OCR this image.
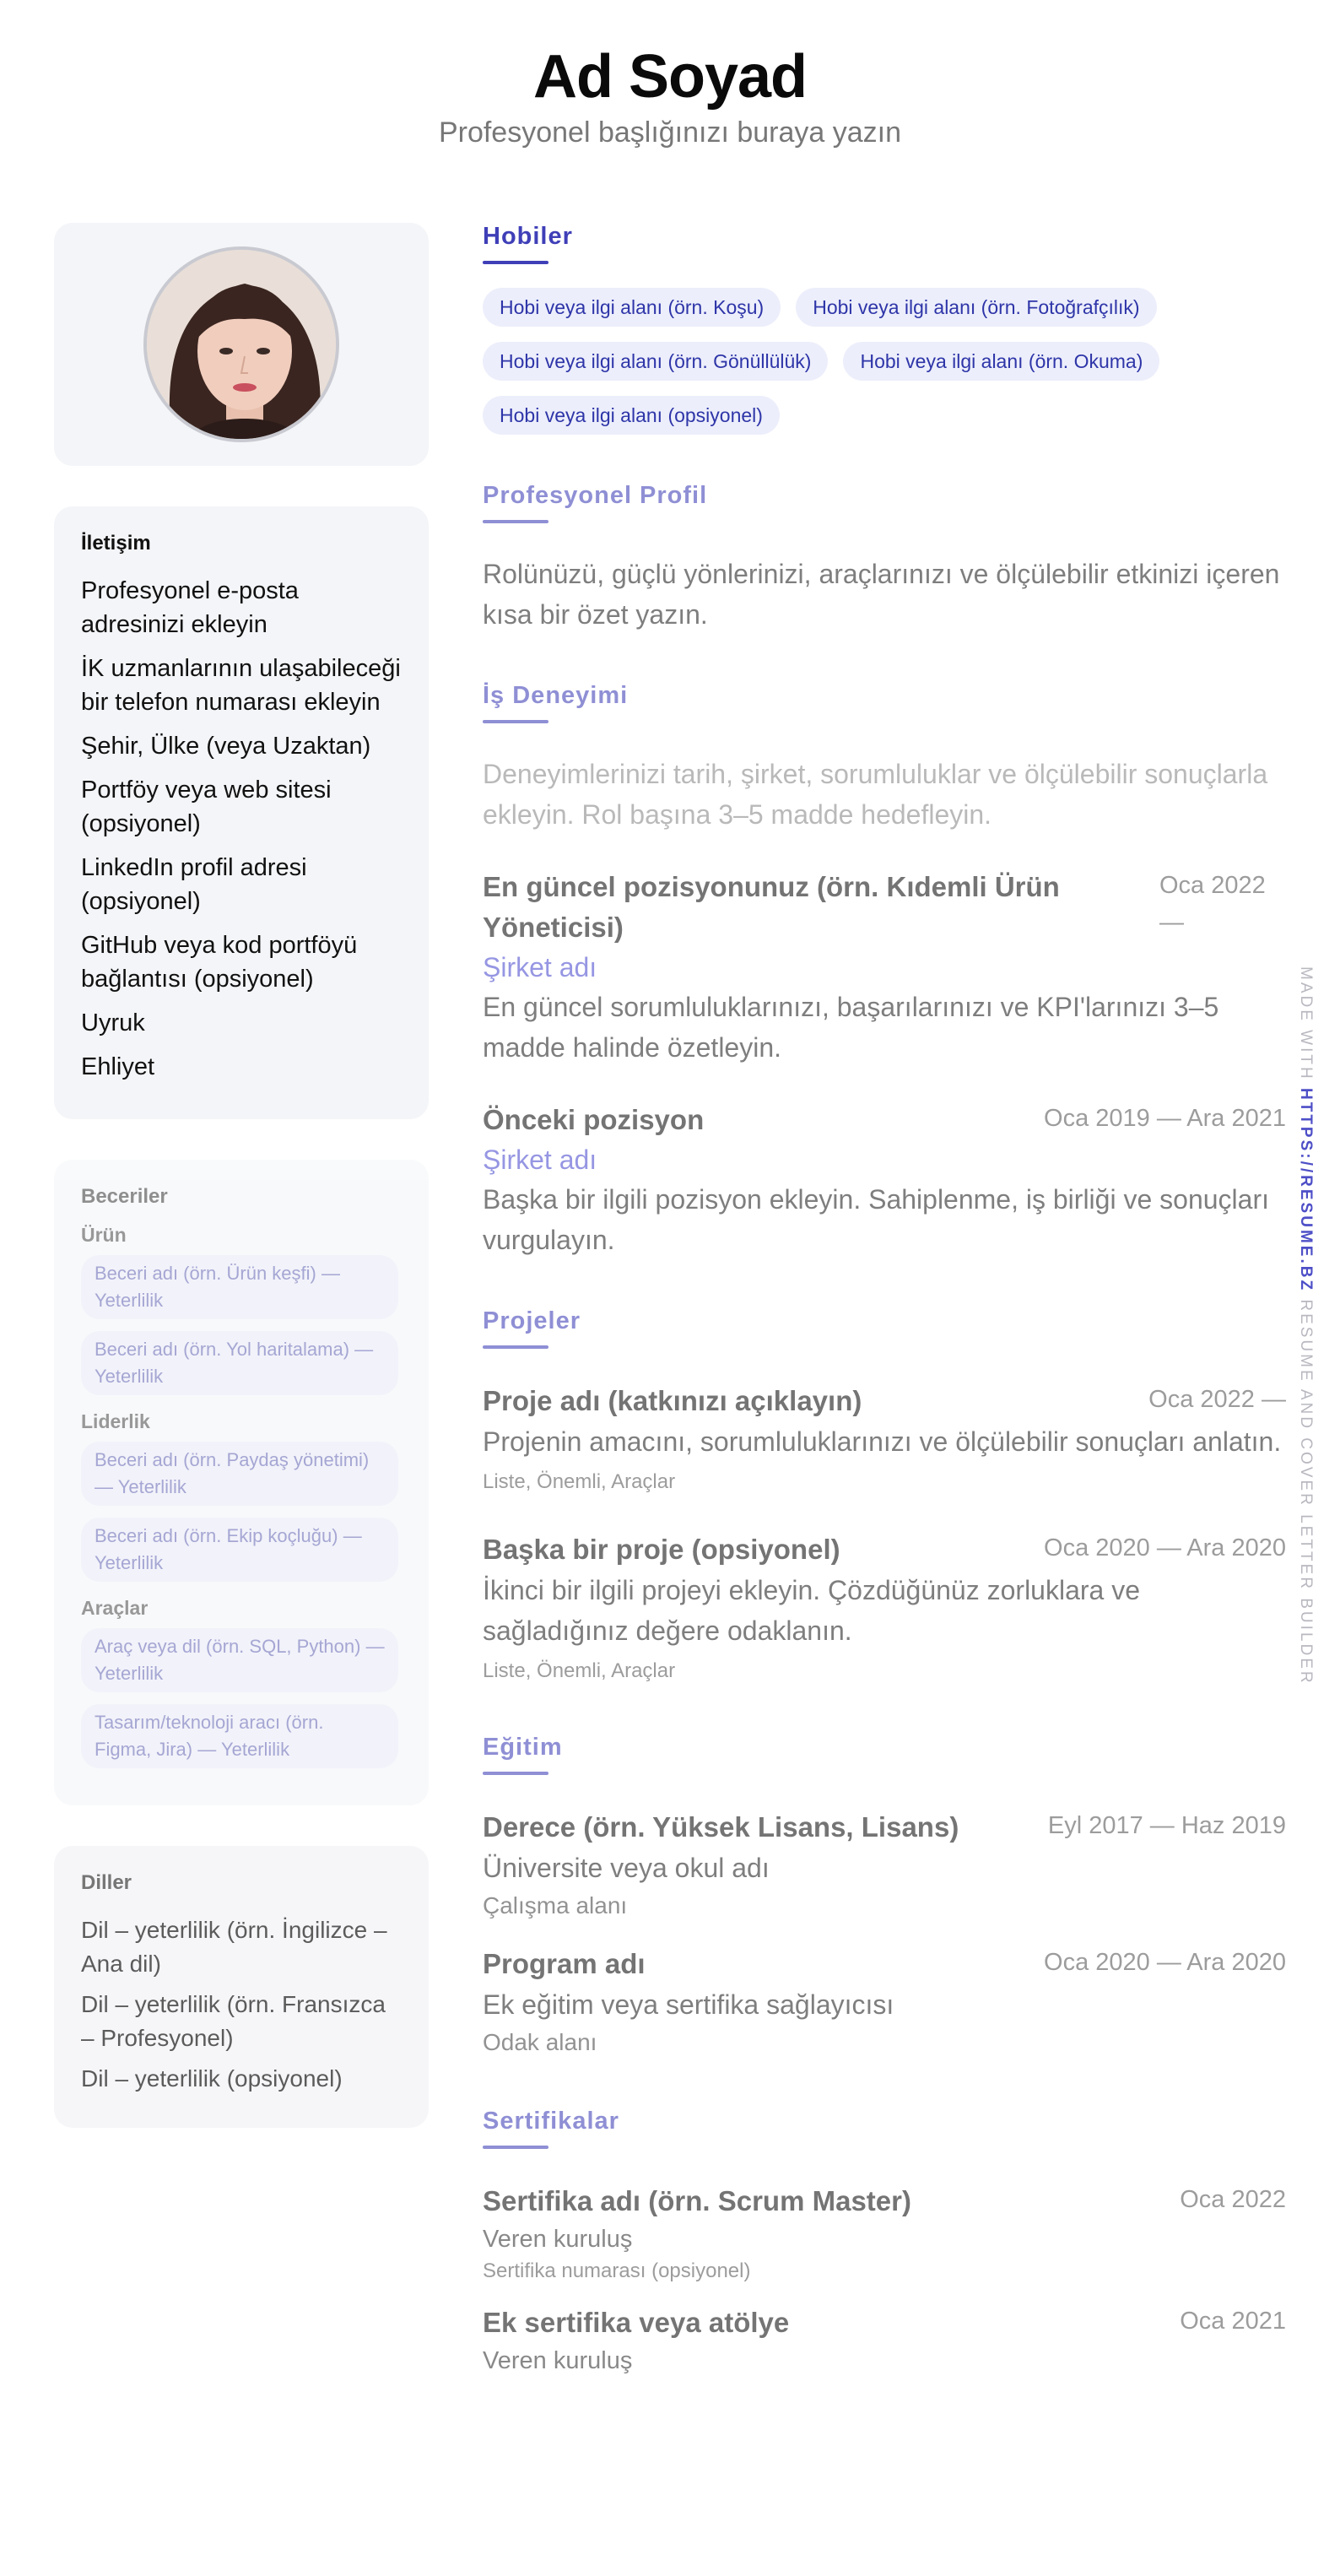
Ad Soyad
Profesyonel başlığınızı buraya yazın
İletişim
Profesyonel e-posta adresinizi ekleyin
İK uzmanlarının ulaşabileceği bir telefon numarası ekleyin
Şehir, Ülke (veya Uzaktan)
Portföy veya web sitesi (opsiyonel)
LinkedIn profil adresi (opsiyonel)
GitHub veya kod portföyü bağlantısı (opsiyonel)
Uyruk
Ehliyet
Beceriler
Ürün
Beceri adı (örn. Ürün keşfi) — Yeterlilik
Beceri adı (örn. Yol haritalama) — Yeterlilik
Liderlik
Beceri adı (örn. Paydaş yönetimi) — Yeterlilik
Beceri adı (örn. Ekip koçluğu) — Yeterlilik
Araçlar
Araç veya dil (örn. SQL, Python) — Yeterlilik
Tasarım/teknoloji aracı (örn. Figma, Jira) — Yeterlilik
Diller
Dil – yeterlilik (örn. İngilizce – Ana dil)
Dil – yeterlilik (örn. Fransızca – Profesyonel)
Dil – yeterlilik (opsiyonel)
Hobiler
Hobi veya ilgi alanı (örn. Koşu)	Hobi veya ilgi alanı (örn. Fotoğrafçılık)
Hobi veya ilgi alanı (örn. Gönüllülük)	Hobi veya ilgi alanı (örn. Okuma)
Hobi veya ilgi alanı (opsiyonel)
Profesyonel Profil
Rolünüzü, güçlü yönlerinizi, araçlarınızı ve ölçülebilir etkinizi içeren kısa bir özet yazın.
İş Deneyimi
Deneyimlerinizi tarih, şirket, sorumluluklar ve ölçülebilir sonuçlarla ekleyin. Rol başına 3–5 madde hedefleyin.
En güncel pozisyonunuz (örn. Kıdemli Ürün Yöneticisi)
Oca 2022 —
Şirket adı
En güncel sorumluluklarınızı, başarılarınızı ve KPI'larınızı 3–5 madde halinde özetleyin.
Önceki pozisyon	Oca 2019 — Ara 2021
Şirket adı
Başka bir ilgili pozisyon ekleyin. Sahiplenme, iş birliği ve sonuçları vurgulayın.
Projeler
Proje adı (katkınızı açıklayın)	Oca 2022 —
Projenin amacını, sorumluluklarınızı ve ölçülebilir sonuçları anlatın.
Liste, Önemli, Araçlar
Başka bir proje (opsiyonel)	Oca 2020 — Ara 2020
İkinci bir ilgili projeyi ekleyin. Çözdüğünüz zorluklara ve sağladığınız değere odaklanın.
Liste, Önemli, Araçlar
Eğitim
Derece (örn. Yüksek Lisans, Lisans)	Eyl 2017 — Haz 2019
Üniversite veya okul adı
Çalışma alanı
Program adı	Oca 2020 — Ara 2020
Ek eğitim veya sertifika sağlayıcısı
Odak alanı
Sertifikalar
Sertifika adı (örn. Scrum Master)	Oca 2022
Veren kuruluş
Sertifika numarası (opsiyonel)
Ek sertifika veya atölye	Oca 2021
Veren kuruluş
MADE WITH HTTPS://RESUME.BZ RESUME AND COVER LETTER BUILDER
